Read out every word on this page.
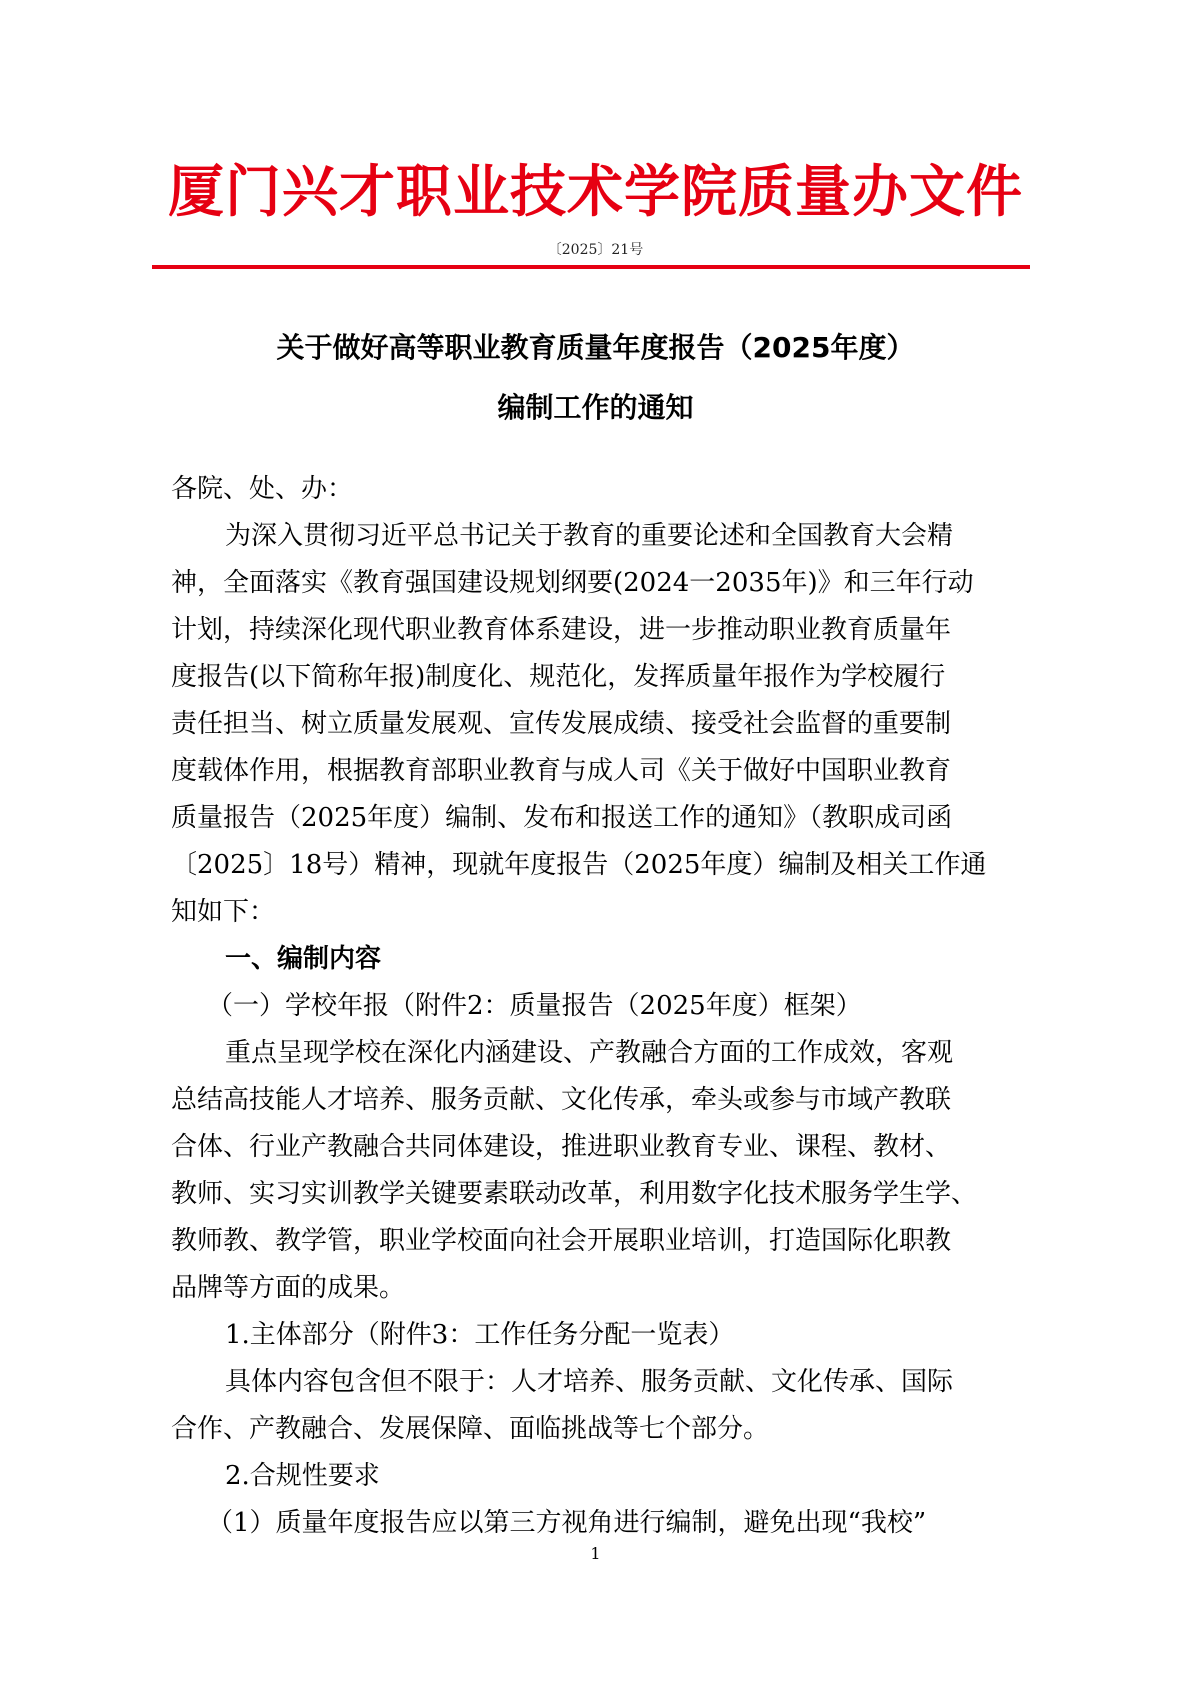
厦门兴才职业技术学院质量办文件
〔2025〕21号
关于做好高等职业教育质量年度报告（2025年度）
编制工作的通知
各院、处、办：
为深入贯彻习近平总书记关于教育的重要论述和全国教育大会精
神，全面落实《教育强国建设规划纲要(2024一2035年)》和三年行动
计划，持续深化现代职业教育体系建设，进一步推动职业教育质量年
度报告(以下简称年报)制度化、规范化，发挥质量年报作为学校履行
责任担当、树立质量发展观、宣传发展成绩、接受社会监督的重要制
度载体作用，根据教育部职业教育与成人司《关于做好中国职业教育
质量报告（2025年度）编制、发布和报送工作的通知》（教职成司函
〔2025〕18号）精神，现就年度报告（2025年度）编制及相关工作通
知如下：
一、编制内容
（一）学校年报（附件2：质量报告（2025年度）框架）
重点呈现学校在深化内涵建设、产教融合方面的工作成效，客观
总结高技能人才培养、服务贡献、文化传承，牵头或参与市域产教联
合体、行业产教融合共同体建设，推进职业教育专业、课程、教材、
教师、实习实训教学关键要素联动改革，利用数字化技术服务学生学、
教师教、教学管，职业学校面向社会开展职业培训，打造国际化职教
品牌等方面的成果。
1.主体部分（附件3：工作任务分配一览表）
具体内容包含但不限于：人才培养、服务贡献、文化传承、国际
合作、产教融合、发展保障、面临挑战等七个部分。
2.合规性要求
（1）质量年度报告应以第三方视角进行编制，避免出现“我校”
1
